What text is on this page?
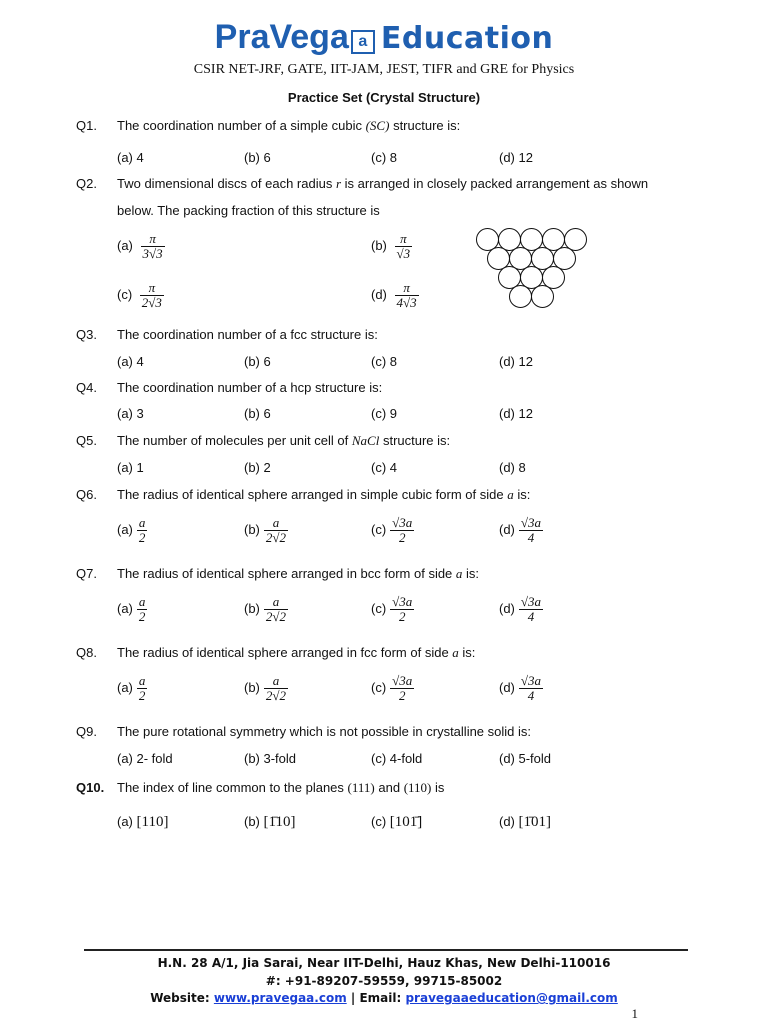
PraVega a Education
CSIR NET-JRF, GATE, IIT-JAM, JEST, TIFR and GRE for Physics
Practice Set (Crystal Structure)
Q1. The coordination number of a simple cubic (SC) structure is:
(a) 4	(b) 6	(c) 8	(d) 12
Q2. Two dimensional discs of each radius r is arranged in closely packed arrangement as shown
below. The packing fraction of this structure is
$(a) \frac{\pi}{3√3}$	$(b) \frac{\pi}{√3}$
$(c) \frac{\pi}{2√3}$	$(d) \frac{\pi}{4√3}$
Q3. The coordination number of a fcc structure is:
(a) 4	(b) 6	(c) 8	(d) 12
Q4. The coordination number of a hcp structure is:
(a) 3	(b) 6	(c) 9	(d) 12
Q5. The number of molecules per unit cell of NaCl structure is:
(a) 1	(b) 2	(c) 4	(d) 8
Q6. The radius of identical sphere arranged in simple cubic form of side a is:
$(a) \frac{a}{2}$	$(b) \frac{a}{2√2}$	$(c) \frac{√3a}{2}$	$(d) \frac{√3a}{4}$
Q7. The radius of identical sphere arranged in bcc form of side a is:
$(a) \frac{a}{2}$	$(b) \frac{a}{2√2}$	$(c) \frac{√3a}{2}$	$(d) \frac{√3a}{4}$
Q8. The radius of identical sphere arranged in fcc form of side a is:
$(a) \frac{a}{2}$	$(b) \frac{a}{2√2}$	$(c) \frac{√3a}{2}$	$(d) \frac{√3a}{4}$
Q9. The pure rotational symmetry which is not possible in crystalline solid is:
(a) 2- fold	(b) 3-fold	(c) 4-fold	(d) 5-fold
Q10. The index of line common to the planes (111) and (110) is
(a) [110]	(b) [1̄10]	(c) [101̄]	(d) [1̄01]
H.N. 28 A/1, Jia Sarai, Near IIT-Delhi, Hauz Khas, New Delhi-110016
#: +91-89207-59559, 99715-85002
Website: www.pravegaa.com | Email: pravegaaeducation@gmail.com
1
